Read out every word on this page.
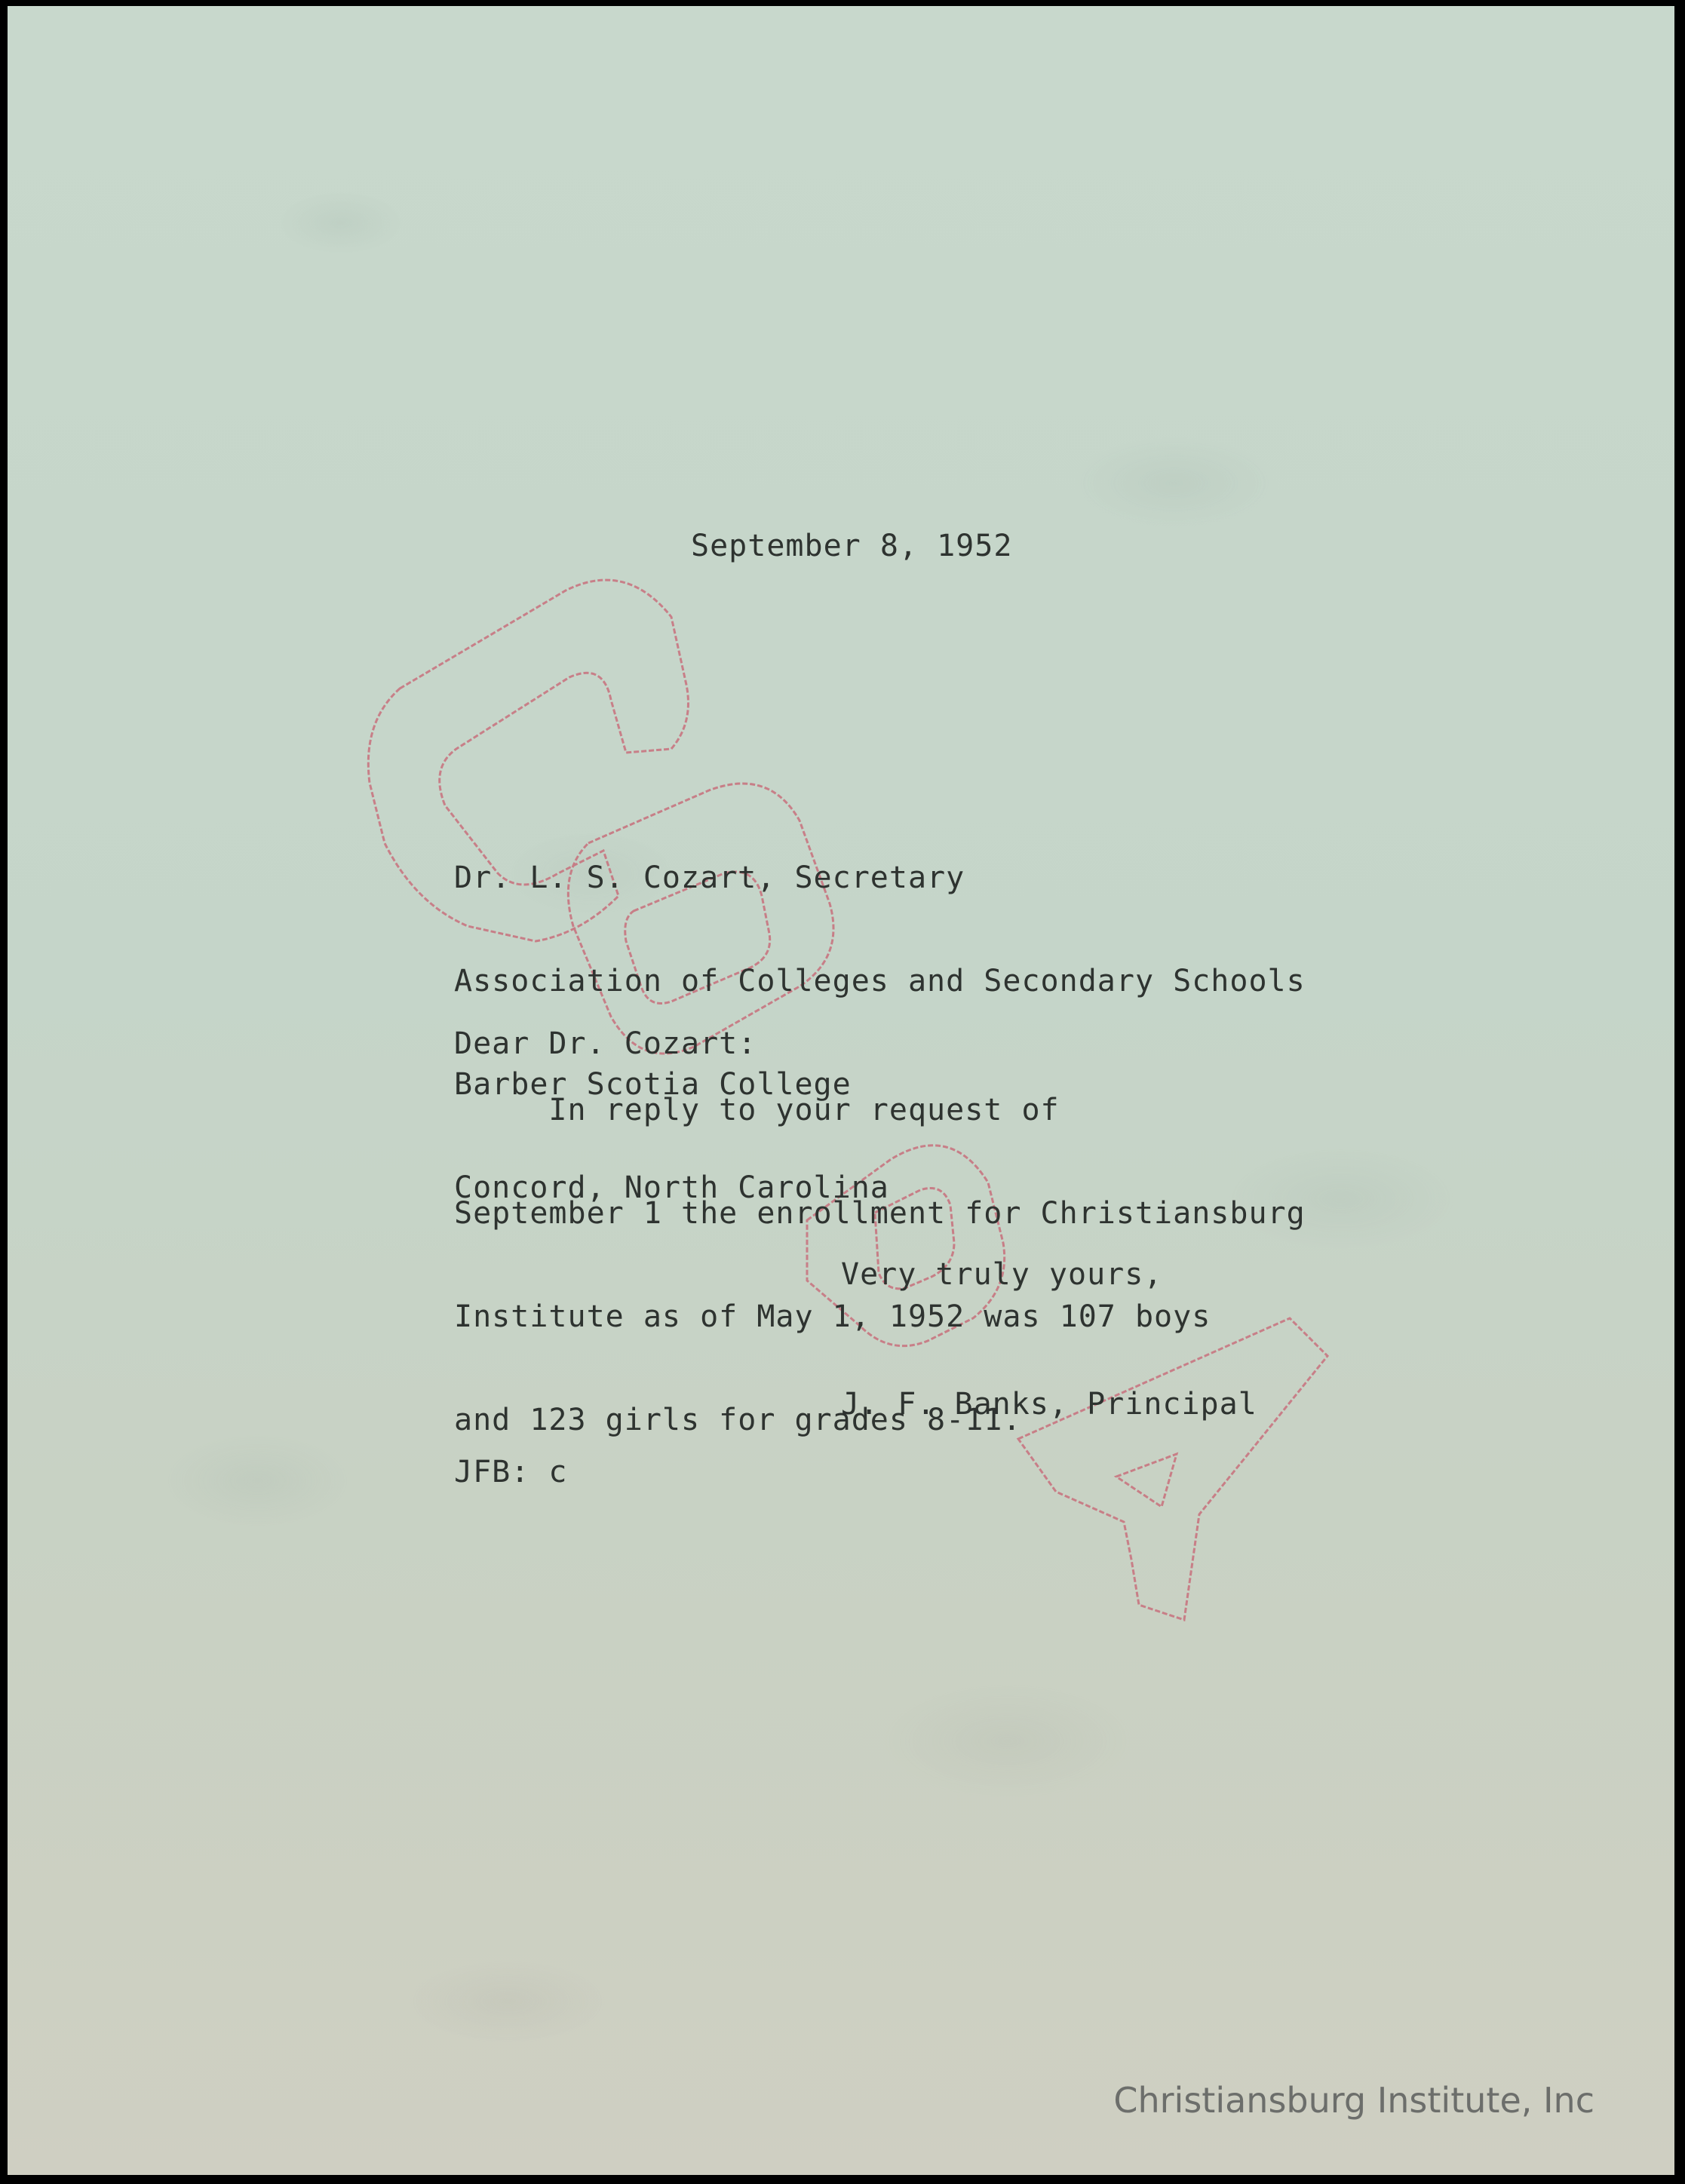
September 8, 1952

Dr. L. S. Cozart, Secretary

Association of Colleges and Secondary Schools

Barber Scotia College

Concord, North Carolina

Dear Dr. Cozart:

In reply to your request of

September 1 the enrollment for Christiansburg

Institute as of May 1, 1952 was 107 boys

and 123 girls for grades 8-11.

Very truly yours,

J. F. Banks, Principal

JFB: c

Christiansburg Institute, Inc
